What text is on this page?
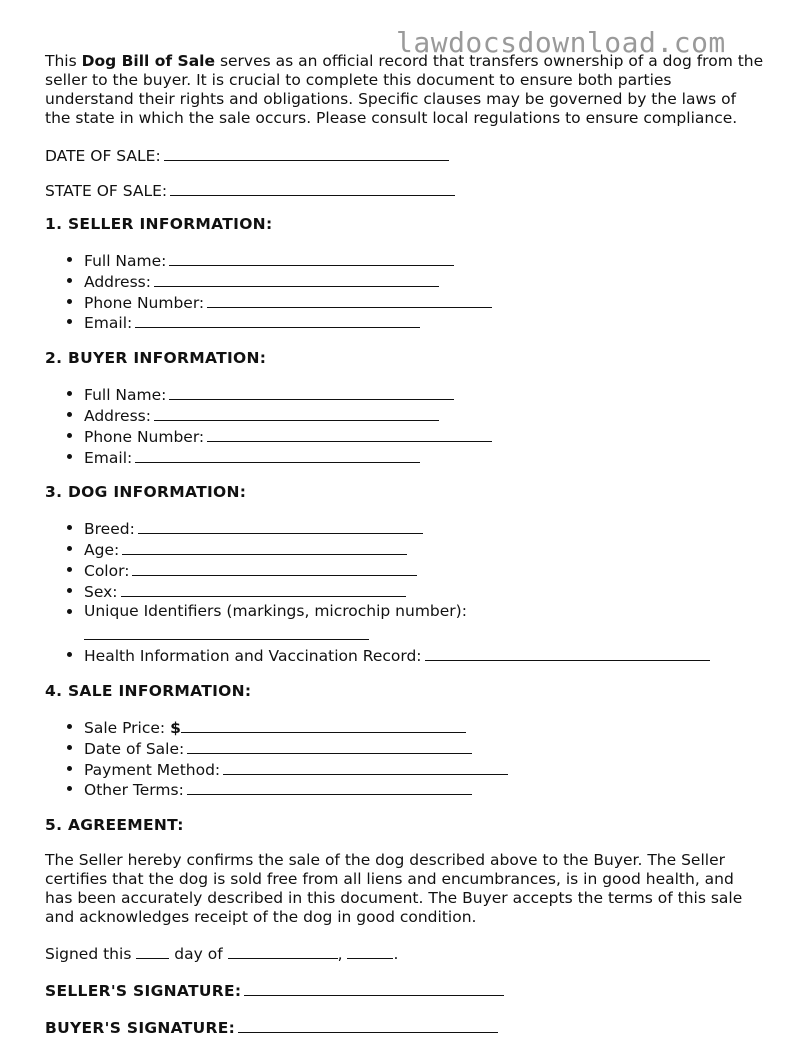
lawdocsdownload.com

This Dog Bill of Sale serves as an official record that transfers ownership of a dog from the seller to the buyer. It is crucial to complete this document to ensure both parties understand their rights and obligations. Specific clauses may be governed by the laws of the state in which the sale occurs. Please consult local regulations to ensure compliance.

DATE OF SALE:
STATE OF SALE:
1. SELLER INFORMATION:
Full Name:
Address:
Phone Number:
Email:
2. BUYER INFORMATION:
Full Name:
Address:
Phone Number:
Email:
3. DOG INFORMATION:
Breed:
Age:
Color:
Sex:
Unique Identifiers (markings, microchip number):
Health Information and Vaccination Record:
4. SALE INFORMATION:
Sale Price: $
Date of Sale:
Payment Method:
Other Terms:
5. AGREEMENT:

The Seller hereby confirms the sale of the dog described above to the Buyer. The Seller certifies that the dog is sold free from all liens and encumbrances, is in good health, and has been accurately described in this document. The Buyer accepts the terms of this sale and acknowledges receipt of the dog in good condition.

Signed this	day of	,	.
SELLER'S SIGNATURE:
BUYER'S SIGNATURE:
